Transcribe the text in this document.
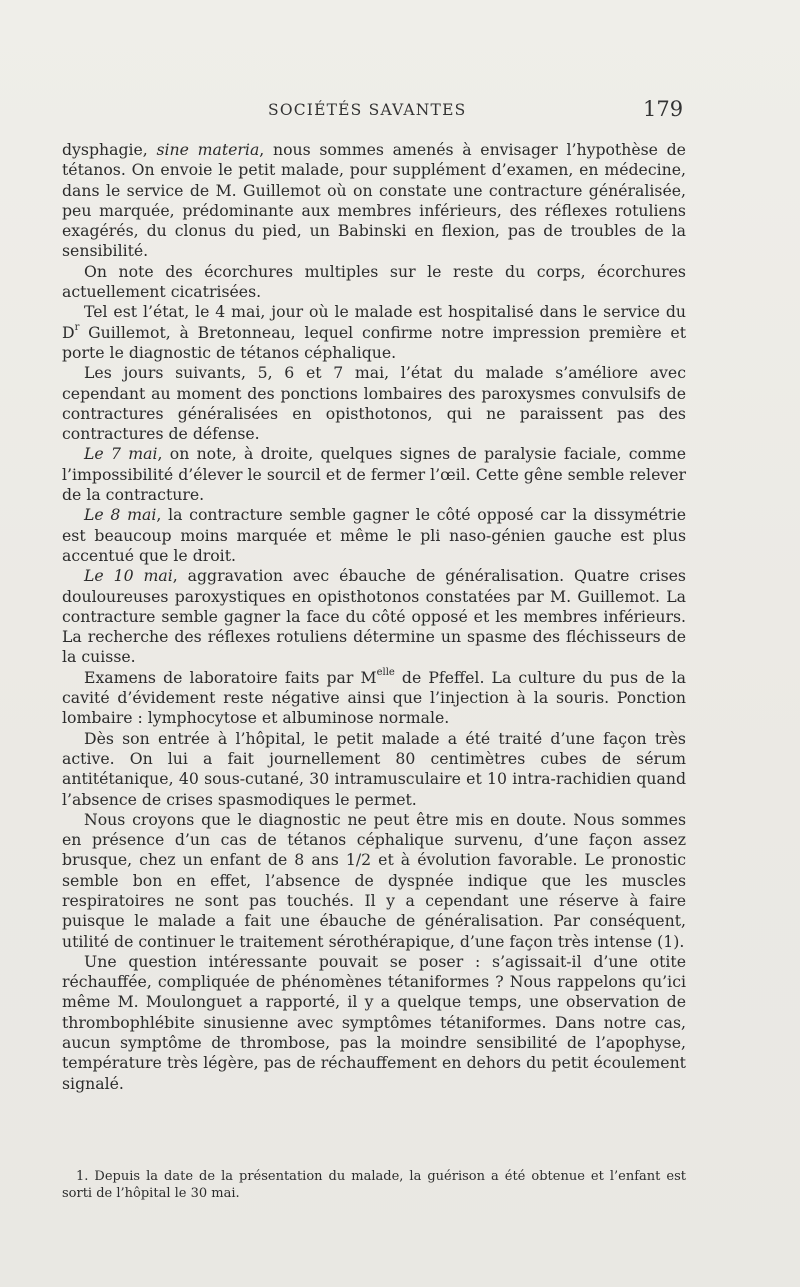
SOCIÉTÉS SAVANTES	179

dysphagie, sine materia, nous sommes amenés à envisager l’hypothèse de tétanos. On envoie le petit malade, pour supplément d’examen, en médecine, dans le service de M. Guillemot où on constate une contracture généralisée, peu marquée, prédominante aux membres inférieurs, des réflexes rotuliens exagérés, du clonus du pied, un Babinski en flexion, pas de troubles de la sensibilité.

On note des écorchures multiples sur le reste du corps, écorchures actuellement cicatrisées.

Tel est l’état, le 4 mai, jour où le malade est hospitalisé dans le service du $D^r$ Guillemot, à Bretonneau, lequel confirme notre impression première et porte le diagnostic de tétanos céphalique.

Les jours suivants, 5, 6 et 7 mai, l’état du malade s’améliore avec cependant au moment des ponctions lombaires des paroxysmes convulsifs de contractures généralisées en opisthotonos, qui ne paraissent pas des contractures de défense.

Le 7 mai, on note, à droite, quelques signes de paralysie faciale, comme l’impossibilité d’élever le sourcil et de fermer l’œil. Cette gêne semble relever de la contracture.

Le 8 mai, la contracture semble gagner le côté opposé car la dissymétrie est beaucoup moins marquée et même le pli naso-génien gauche est plus accentué que le droit.

Le 10 mai, aggravation avec ébauche de généralisation. Quatre crises douloureuses paroxystiques en opisthotonos constatées par M. Guillemot. La contracture semble gagner la face du côté opposé et les membres inférieurs. La recherche des réflexes rotuliens détermine un spasme des fléchisseurs de la cuisse.

Examens de laboratoire faits par $M^{elle}$ de Pfeffel. La culture du pus de la cavité d’évidement reste négative ainsi que l’injection à la souris. Ponction lombaire : lymphocytose et albuminose normale.

Dès son entrée à l’hôpital, le petit malade a été traité d’une façon très active. On lui a fait journellement 80 centimètres cubes de sérum antitétanique, 40 sous-cutané, 30 intramusculaire et 10 intra-rachidien quand l’absence de crises spasmodiques le permet.

Nous croyons que le diagnostic ne peut être mis en doute. Nous sommes en présence d’un cas de tétanos céphalique survenu, d’une façon assez brusque, chez un enfant de 8 ans 1/2 et à évolution favorable. Le pronostic semble bon en effet, l’absence de dyspnée indique que les muscles respiratoires ne sont pas touchés. Il y a cependant une réserve à faire puisque le malade a fait une ébauche de généralisation. Par conséquent, utilité de continuer le traitement sérothérapique, d’une façon très intense (1).

Une question intéressante pouvait se poser : s’agissait-il d’une otite réchauffée, compliquée de phénomènes tétaniformes ? Nous rappelons qu’ici même M. Moulonguet a rapporté, il y a quelque temps, une observation de thrombophlébite sinusienne avec symptômes tétaniformes. Dans notre cas, aucun symptôme de thrombose, pas la moindre sensibilité de l’apophyse, température très légère, pas de réchauffement en dehors du petit écoulement signalé.

1. Depuis la date de la présentation du malade, la guérison a été obtenue et l’enfant est sorti de l’hôpital le 30 mai.
